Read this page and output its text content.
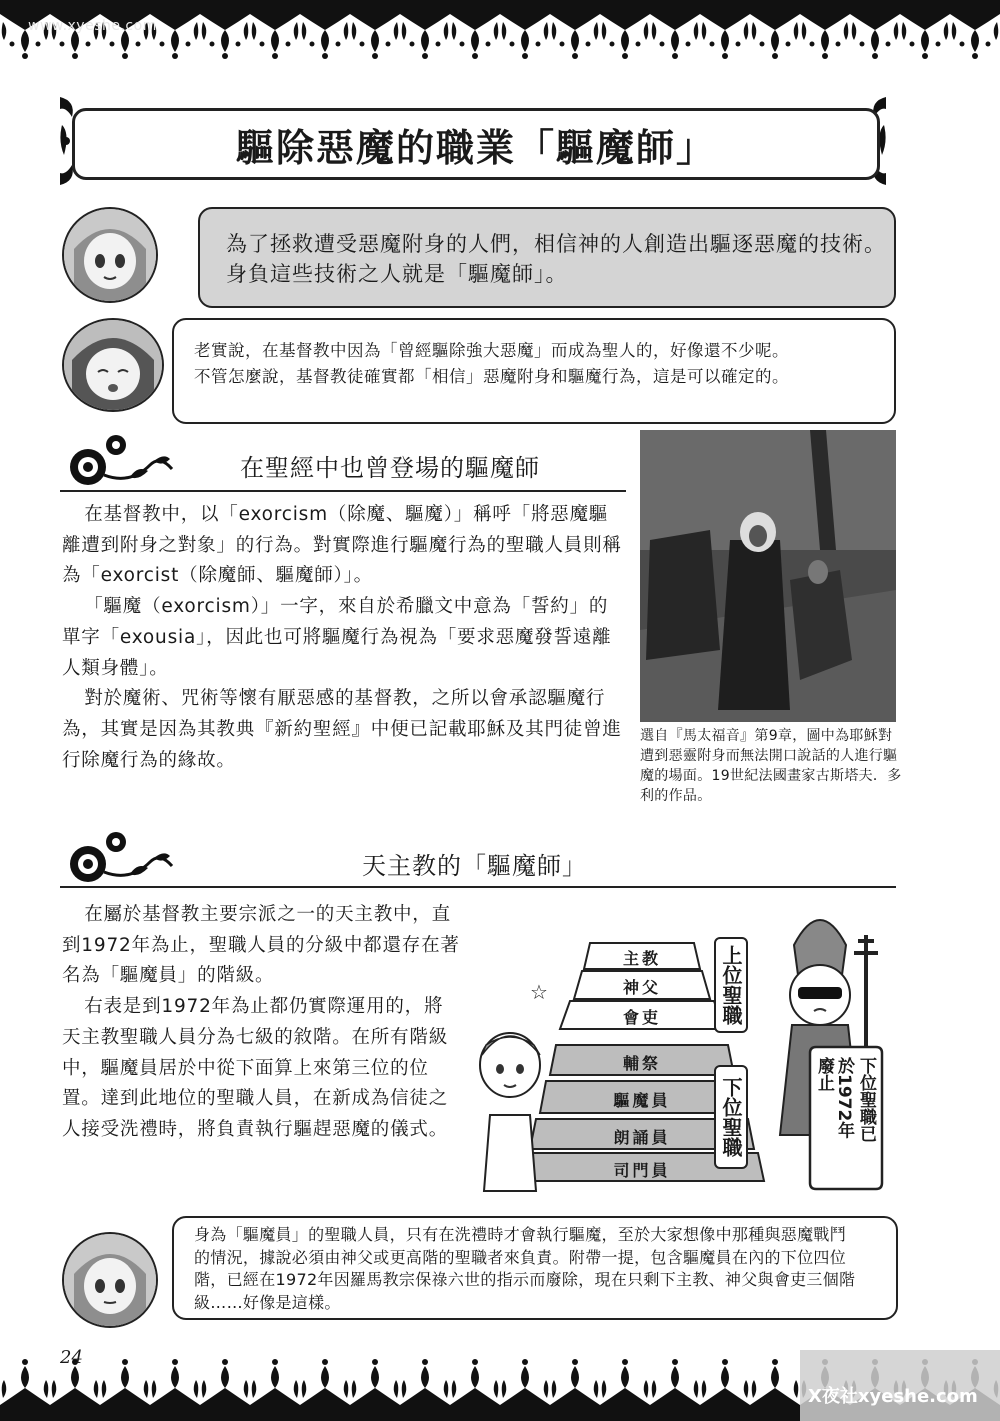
www.xyeshe.com
X夜社xyeshe.com
驅除惡魔的職業「驅魔師」

為了拯救遭受惡魔附身的人們，相信神的人創造出驅逐惡魔的技術。

身負這些技術之人就是「驅魔師」。

老實說，在基督教中因為「曾經驅除強大惡魔」而成為聖人的，好像還不少呢。

不管怎麼說，基督教徒確實都「相信」惡魔附身和驅魔行為，這是可以確定的。

在聖經中也曾登場的驅魔師

在基督教中，以「exorcism（除魔、驅魔）」稱呼「將惡魔驅離遭到附身之對象」的行為。對實際進行驅魔行為的聖職人員則稱為「exorcist（除魔師、驅魔師）」。

「驅魔（exorcism）」一字，來自於希臘文中意為「誓約」的單字「exousia」，因此也可將驅魔行為視為「要求惡魔發誓遠離人類身體」。

對於魔術、咒術等懷有厭惡感的基督教，之所以會承認驅魔行為，其實是因為其教典『新約聖經』中便已記載耶穌及其門徒曾進行除魔行為的緣故。

選自『馬太福音』第9章，圖中為耶穌對遭到惡靈附身而無法開口說話的人進行驅魔的場面。19世紀法國畫家古斯塔夫．多利的作品。
天主教的「驅魔師」

在屬於基督教主要宗派之一的天主教中，直到1972年為止，聖職人員的分級中都還存在著名為「驅魔員」的階級。

右表是到1972年為止都仍實際運用的，將天主教聖職人員分為七級的敘階。在所有階級中，驅魔員居於中從下面算上來第三位的位置。達到此地位的聖職人員，在新成為信徒之人接受洗禮時，將負責執行驅趕惡魔的儀式。

☆
主教
神父
會吏
輔祭
驅魔員
朗誦員
司門員
上位聖職
下位聖職	下位聖職已
於1972年
廢止

身為「驅魔員」的聖職人員，只有在洗禮時才會執行驅魔，至於大家想像中那種與惡魔戰鬥

的情況，據說必須由神父或更高階的聖職者來負責。附帶一提，包含驅魔員在內的下位四位

階，已經在1972年因羅馬教宗保祿六世的指示而廢除，現在只剩下主教、神父與會吏三個階

級……好像是這樣。

24
